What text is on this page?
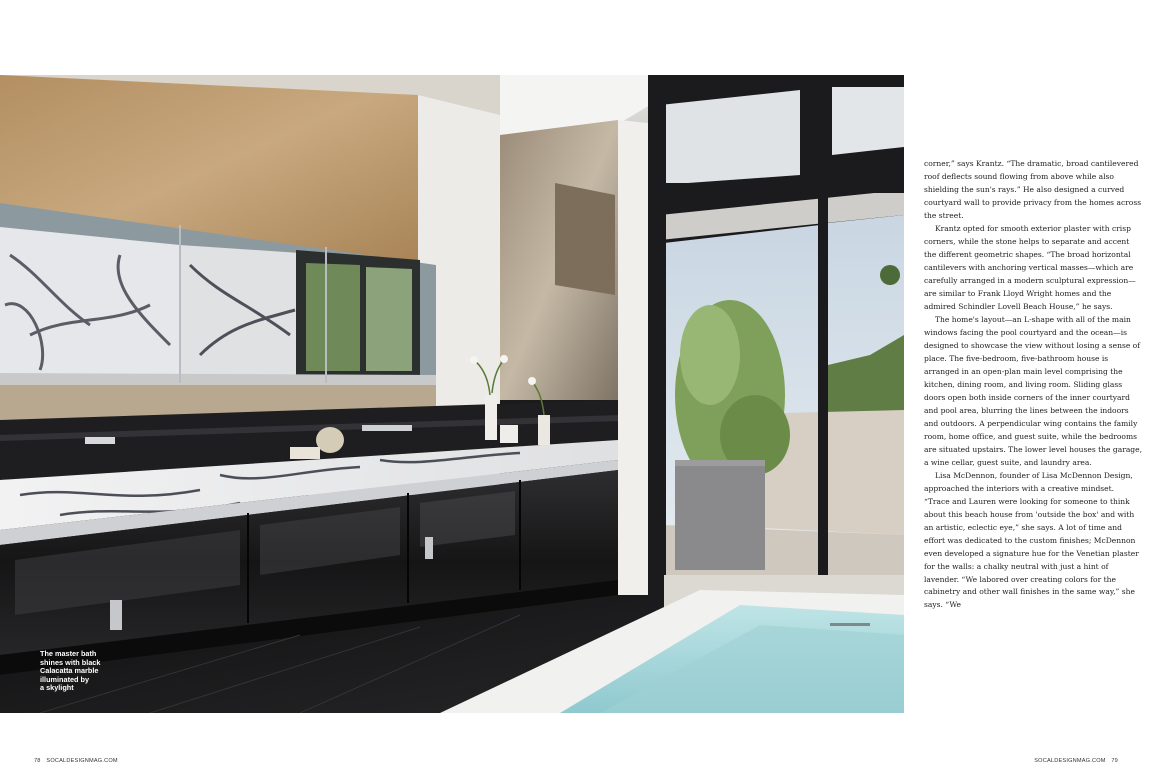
The master bath
shines with black
Calacatta marble
illuminated by
a skylight

corner,” says Krantz. “The dramatic, broad cantilevered roof deflects sound flowing from above while also shielding the sun's rays.” He also designed a curved courtyard wall to provide privacy from the homes across the street.

Krantz opted for smooth exterior plaster with crisp corners, while the stone helps to separate and accent the different geometric shapes. “The broad horizontal cantilevers with anchoring vertical masses—which are carefully arranged in a modern sculptural expression—are similar to Frank Lloyd Wright homes and the admired Schindler Lovell Beach House,” he says.

The home's layout—an L-shape with all of the main windows facing the pool courtyard and the ocean—is designed to showcase the view without losing a sense of place. The five-bedroom, five-bathroom house is arranged in an open-plan main level comprising the kitchen, dining room, and living room. Sliding glass doors open both inside corners of the inner courtyard and pool area, blurring the lines between the indoors and outdoors. A perpendicular wing contains the family room, home office, and guest suite, while the bedrooms are situated upstairs. The lower level houses the garage, a wine cellar, guest suite, and laundry area.

Lisa McDennon, founder of Lisa McDennon Design, approached the interiors with a creative mindset. “Trace and Lauren were looking for someone to think about this beach house from 'outside the box' and with an artistic, eclectic eye,” she says. A lot of time and effort was dedicated to the custom finishes; McDennon even developed a signature hue for the Venetian plaster for the walls: a chalky neutral with just a hint of lavender. “We labored over creating colors for the cabinetry and other wall finishes in the same way,” she says. “We

78 SOCALDESIGNMAG.COM	SOCALDESIGNMAG.COM 79
